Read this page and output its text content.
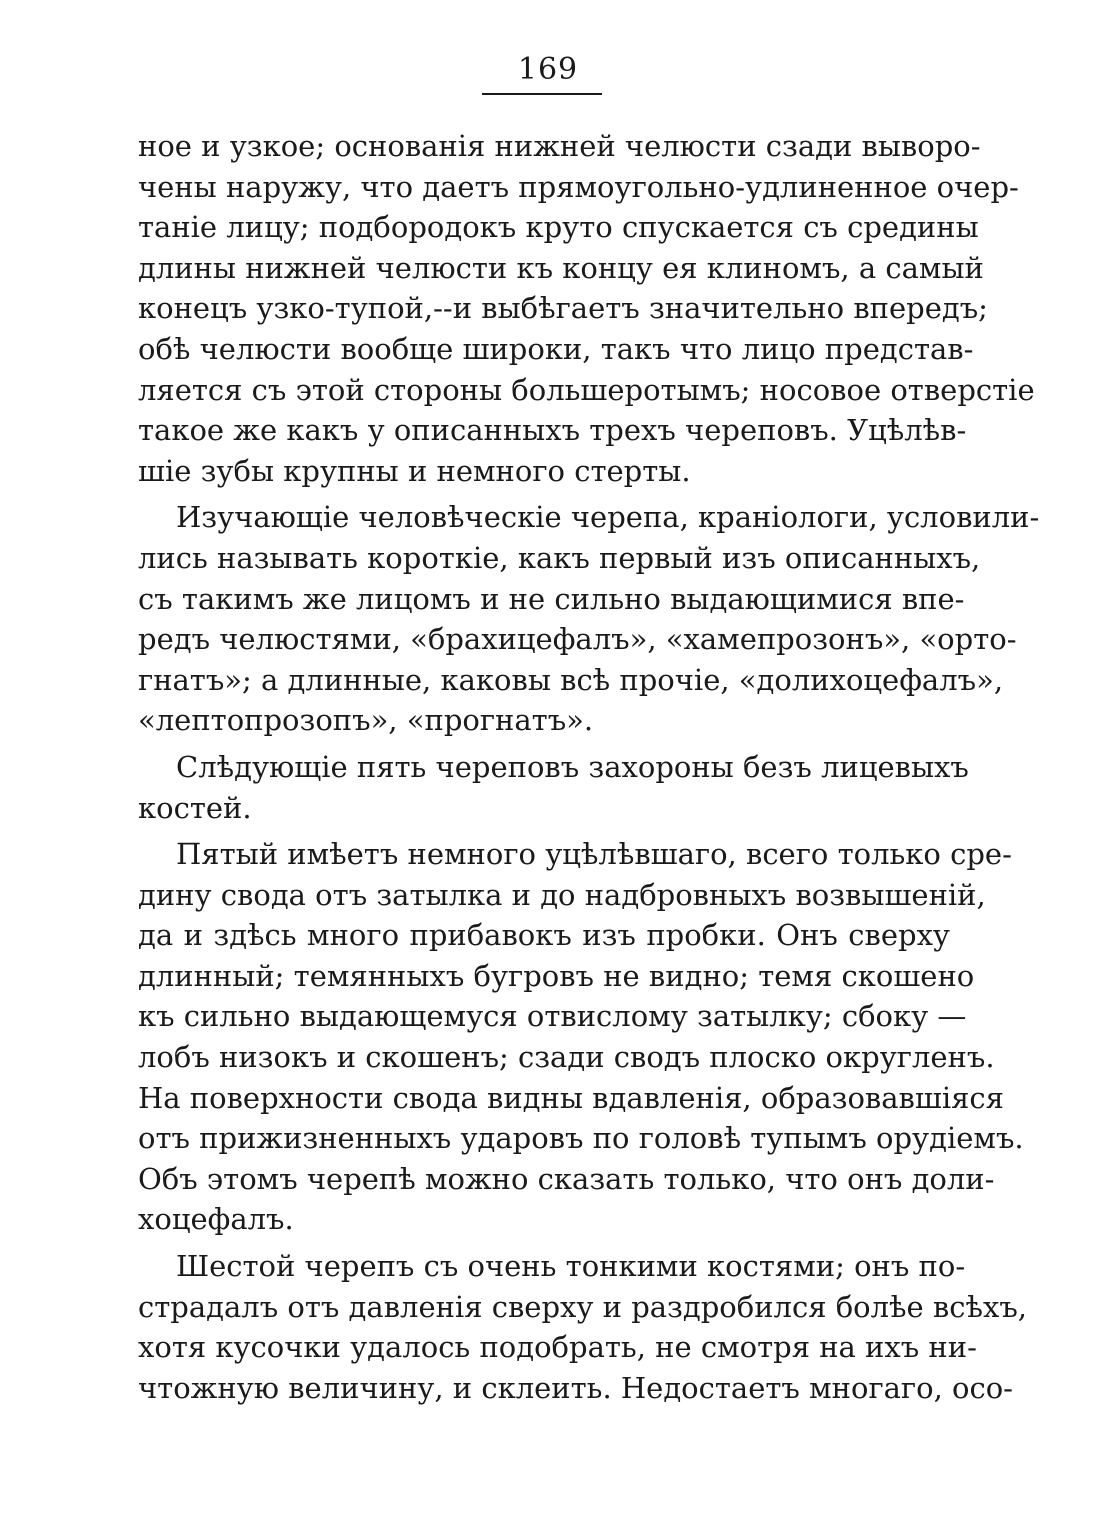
169
ное и узкое; основанія нижней челюсти сзади выворо-
чены наружу, что даетъ прямоугольно-удлиненное очер-
таніе лицу; подбородокъ круто спускается съ средины
длины нижней челюсти къ концу ея клиномъ, а самый
конецъ узко-тупой,--и выбѣгаетъ значительно впередъ;
обѣ челюсти вообще широки, такъ что лицо представ-
ляется съ этой стороны большеротымъ; носовое отверстіе
такое же какъ у описанныхъ трехъ череповъ. Уцѣлѣв-
шіе зубы крупны и немного стерты.
Изучающіе человѣческіе черепа, краніологи, условили-
лись называть короткіе, какъ первый изъ описанныхъ,
съ такимъ же лицомъ и не сильно выдающимися впе-
редъ челюстями, «брахицефалъ», «хамепрозонъ», «орто-
гнатъ»; а длинные, каковы всѣ прочіе, «долихоцефалъ»,
«лептопрозопъ», «прогнатъ».
Слѣдующіе пять череповъ захороны безъ лицевыхъ
костей.
Пятый имѣетъ немного уцѣлѣвшаго, всего только сре-
дину свода отъ затылка и до надбровныхъ возвышеній,
да и здѣсь много прибавокъ изъ пробки. Онъ сверху
длинный; темянныхъ бугровъ не видно; темя скошено
къ сильно выдающемуся отвислому затылку; сбоку —
лобъ низокъ и скошенъ; сзади сводъ плоско округленъ.
На поверхности свода видны вдавленія, образовавшіяся
отъ прижизненныхъ ударовъ по головѣ тупымъ орудіемъ.
Объ этомъ черепѣ можно сказать только, что онъ доли-
хоцефалъ.
Шестой черепъ съ очень тонкими костями; онъ по-
страдалъ отъ давленія сверху и раздробился болѣе всѣхъ,
хотя кусочки удалось подобрать, не смотря на ихъ ни-
чтожную величину, и склеить. Недостаетъ многаго, осо-
